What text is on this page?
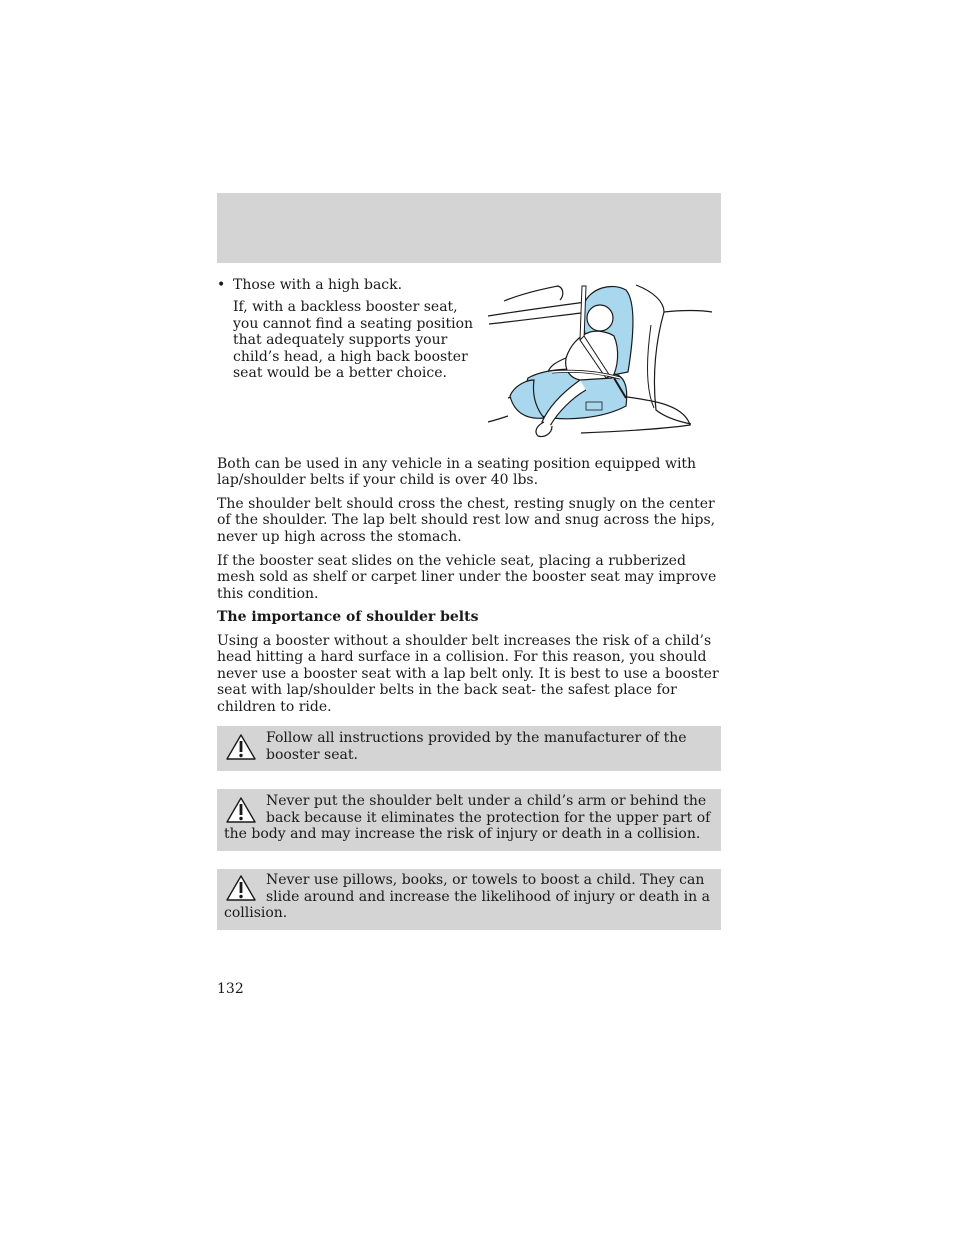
• Those with a high back.
If, with a backless booster seat, you cannot find a seating position that adequately supports your child’s head, a high back booster seat would be a better choice.

Both can be used in any vehicle in a seating position equipped with lap/shoulder belts if your child is over 40 lbs.

The shoulder belt should cross the chest, resting snugly on the center of the shoulder. The lap belt should rest low and snug across the hips, never up high across the stomach.

If the booster seat slides on the vehicle seat, placing a rubberized mesh sold as shelf or carpet liner under the booster seat may improve this condition.

The importance of shoulder belts

Using a booster without a shoulder belt increases the risk of a child’s head hitting a hard surface in a collision. For this reason, you should never use a booster seat with a lap belt only. It is best to use a booster seat with lap/shoulder belts in the back seat- the safest place for children to ride.

Follow all instructions provided by the manufacturer of the booster seat.
Never put the shoulder belt under a child’s arm or behind the back because it eliminates the protection for the upper part of the body and may increase the risk of injury or death in a collision.
Never use pillows, books, or towels to boost a child. They can slide around and increase the likelihood of injury or death in a collision.
132
